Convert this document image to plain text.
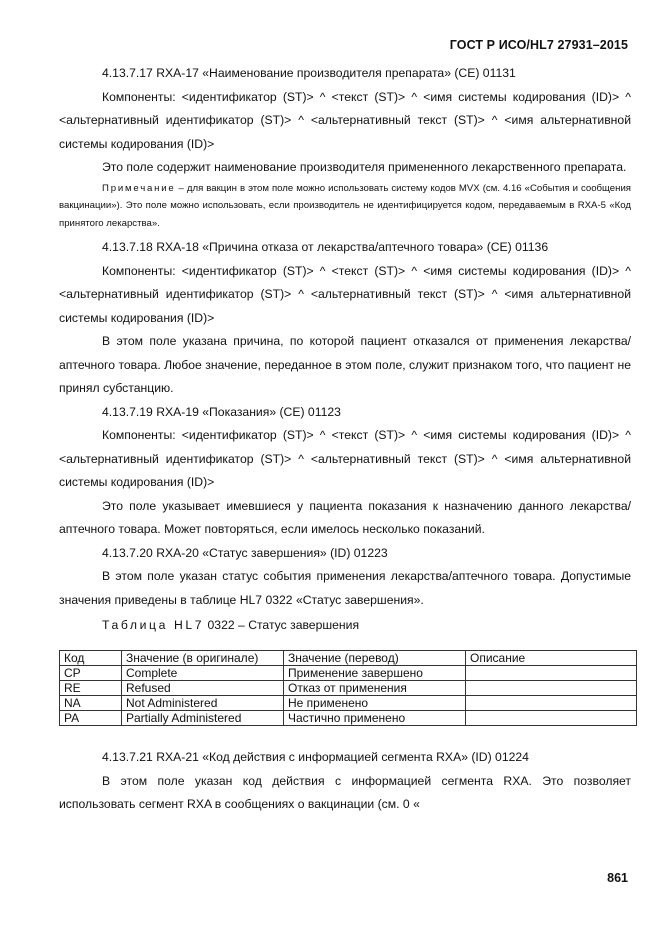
ГОСТ Р ИСО/HL7 27931–2015

4.13.7.17 RXA-17 «Наименование производителя препарата» (CE) 01131

Компоненты: <идентификатор (ST)> ^ <текст (ST)> ^ <имя системы кодирования (ID)> ^ <альтернативный идентификатор (ST)> ^ <альтернативный текст (ST)> ^ <имя альтернативной системы кодирования (ID)>

Это поле содержит наименование производителя примененного лекарственного препарата.

Примечание – для вакцин в этом поле можно использовать систему кодов MVX (см. 4.16 «События и сообщения вакцинации»). Это поле можно использовать, если производитель не идентифицируется кодом, передаваемым в RXA-5 «Код принятого лекарства».

4.13.7.18 RXA-18 «Причина отказа от лекарства/аптечного товара» (CE) 01136

Компоненты: <идентификатор (ST)> ^ <текст (ST)> ^ <имя системы кодирования (ID)> ^ <альтернативный идентификатор (ST)> ^ <альтернативный текст (ST)> ^ <имя альтернативной системы кодирования (ID)>

В этом поле указана причина, по которой пациент отказался от применения лекарства/аптечного товара. Любое значение, переданное в этом поле, служит признаком того, что пациент не принял субстанцию.

4.13.7.19 RXA-19 «Показания» (CE) 01123

Компоненты: <идентификатор (ST)> ^ <текст (ST)> ^ <имя системы кодирования (ID)> ^ <альтернативный идентификатор (ST)> ^ <альтернативный текст (ST)> ^ <имя альтернативной системы кодирования (ID)>

Это поле указывает имевшиеся у пациента показания к назначению данного лекарства/аптечного товара. Может повторяться, если имелось несколько показаний.

4.13.7.20 RXA-20 «Статус завершения» (ID) 01223

В этом поле указан статус события применения лекарства/аптечного товара. Допустимые значения приведены в таблице HL7 0322 «Статус завершения».

Таблица HL7 0322 – Статус завершения

Код	Значение (в оригинале)	Значение (перевод)	Описание
CP	Complete	Применение завершено	
RE	Refused	Отказ от применения	
NA	Not Administered	Не применено	
PA	Partially Administered	Частично применено	

4.13.7.21 RXA-21 «Код действия с информацией сегмента RXA» (ID) 01224

В этом поле указан код действия с информацией сегмента RXA. Это позволяет использовать сегмент RXA в сообщениях о вакцинации (см. 0 «

861
